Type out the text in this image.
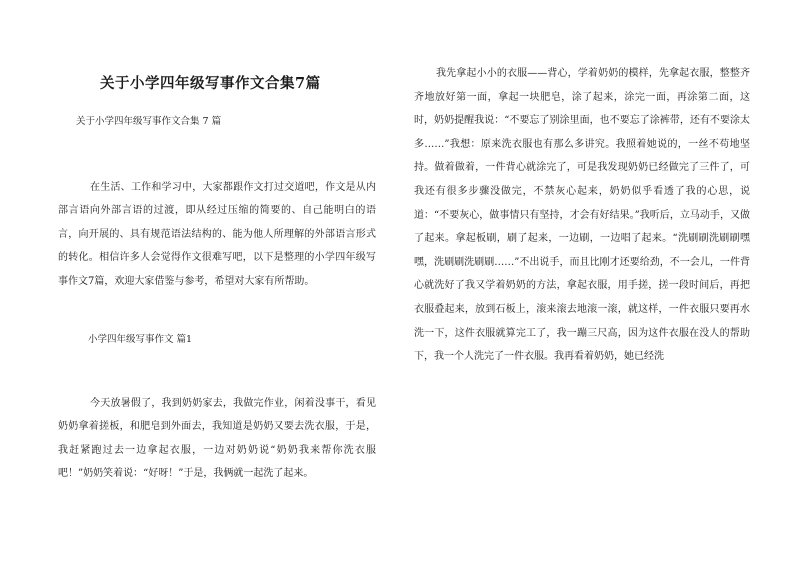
关于小学四年级写事作文合集7篇
关于小学四年级写事作文合集 7 篇
在生活、工作和学习中，大家都跟作文打过交道吧，作文是从内部言语向外部言语的过渡，即从经过压缩的简要的、自己能明白的语言，向开展的、具有规范语法结构的、能为他人所理解的外部语言形式的转化。相信许多人会觉得作文很难写吧，以下是整理的小学四年级写事作文7篇，欢迎大家借鉴与参考，希望对大家有所帮助。
小学四年级写事作文 篇1
今天放暑假了，我到奶奶家去，我做完作业，闲着没事干，看见奶奶拿着搓板，和肥皂到外面去，我知道是奶奶又要去洗衣服，于是，我赶紧跑过去一边拿起衣服，一边对奶奶说“奶奶我来帮你洗衣服吧！”奶奶笑着说：“好呀！”于是，我俩就一起洗了起来。
我先拿起小小的衣服——背心，学着奶奶的模样，先拿起衣服，整整齐齐地放好第一面，拿起一块肥皂，涂了起来，涂完一面，再涂第二面，这时，奶奶提醒我说：“不要忘了别涂里面，也不要忘了涂裤带，还有不要涂太多……”我想：原来洗衣服也有那么多讲究。我照着她说的，一丝不苟地坚持。做着做着，一件背心就涂完了，可是我发现奶奶已经做完了三件了，可我还有很多步骤没做完，不禁灰心起来，奶奶似乎看透了我的心思，说道：“不要灰心，做事情只有坚持，才会有好结果。”我听后，立马动手，又做了起来。拿起板刷，刷了起来，一边刷，一边唱了起来。“洗刷刷洗刷刷嘿嘿，洗刷刷洗刷刷……”不出说手，而且比刚才还要给劲，不一会儿，一件背心就洗好了我又学着奶奶的方法，拿起衣服，用手搓，搓一段时间后，再把衣服叠起来，放到石板上，滚来滚去地滚一滚，就这样，一件衣服只要再水洗一下，这件衣服就算完工了，我一蹦三尺高，因为这件衣服在没人的帮助下，我一个人洗完了一件衣服。我再看着奶奶，她已经洗
